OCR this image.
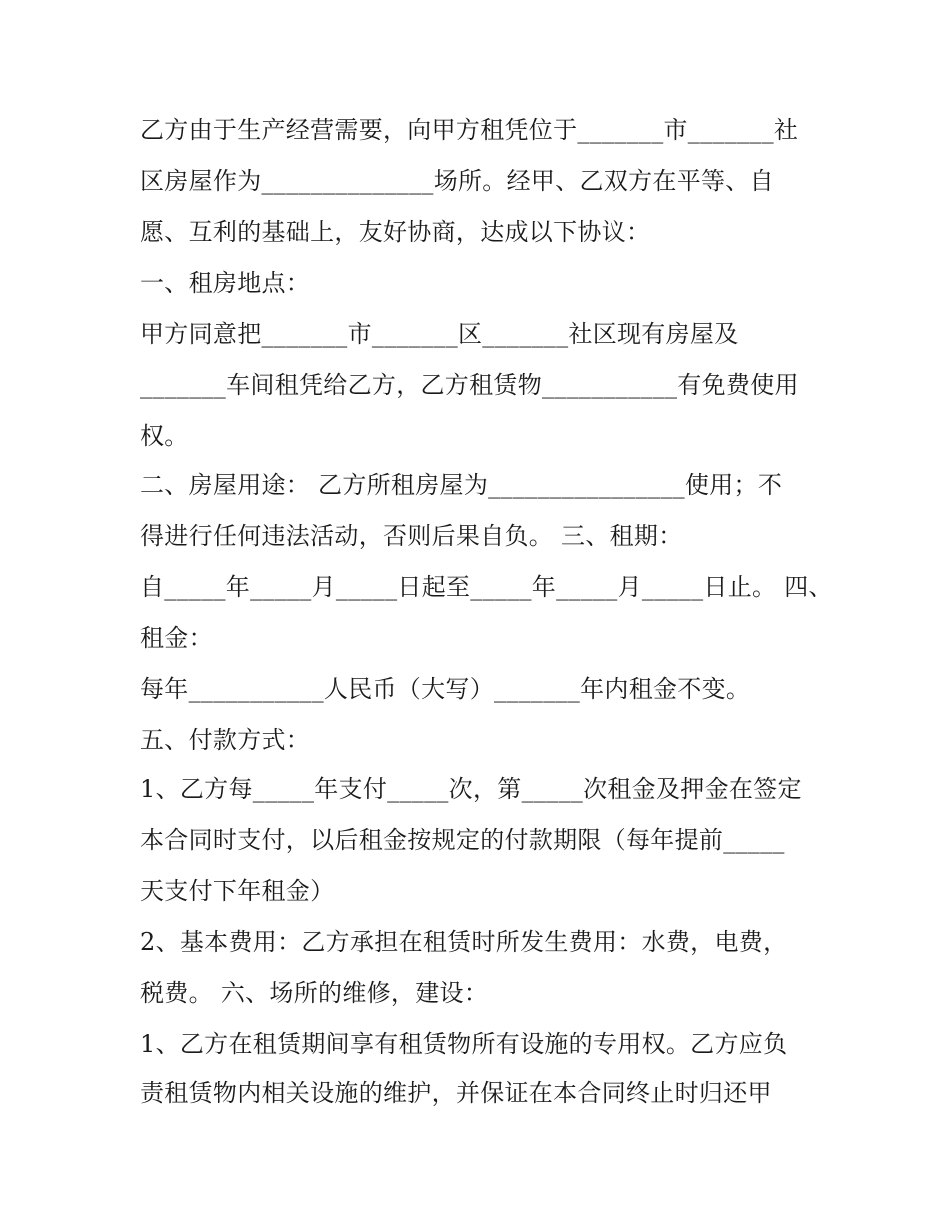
乙方由于生产经营需要，向甲方租凭位于_______市_______社
区房屋作为______________场所。经甲、乙双方在平等、自
愿、互利的基础上，友好协商，达成以下协议：
一、租房地点：
甲方同意把_______市_______区_______社区现有房屋及
_______车间租凭给乙方，乙方租赁物___________有免费使用
权。
二、房屋用途： 乙方所租房屋为________________使用；不
得进行任何违法活动，否则后果自负。 三、租期：
自_____年_____月_____日起至_____年_____月_____日止。 四、
租金：
每年___________人民币（大写）_______年内租金不变。
五、付款方式：
1、乙方每_____年支付_____次，第_____次租金及押金在签定
本合同时支付，以后租金按规定的付款期限（每年提前_____
天支付下年租金）
2、基本费用：乙方承担在租赁时所发生费用：水费，电费，
税费。 六、场所的维修，建设：
1、乙方在租赁期间享有租赁物所有设施的专用权。乙方应负
责租赁物内相关设施的维护，并保证在本合同终止时归还甲
